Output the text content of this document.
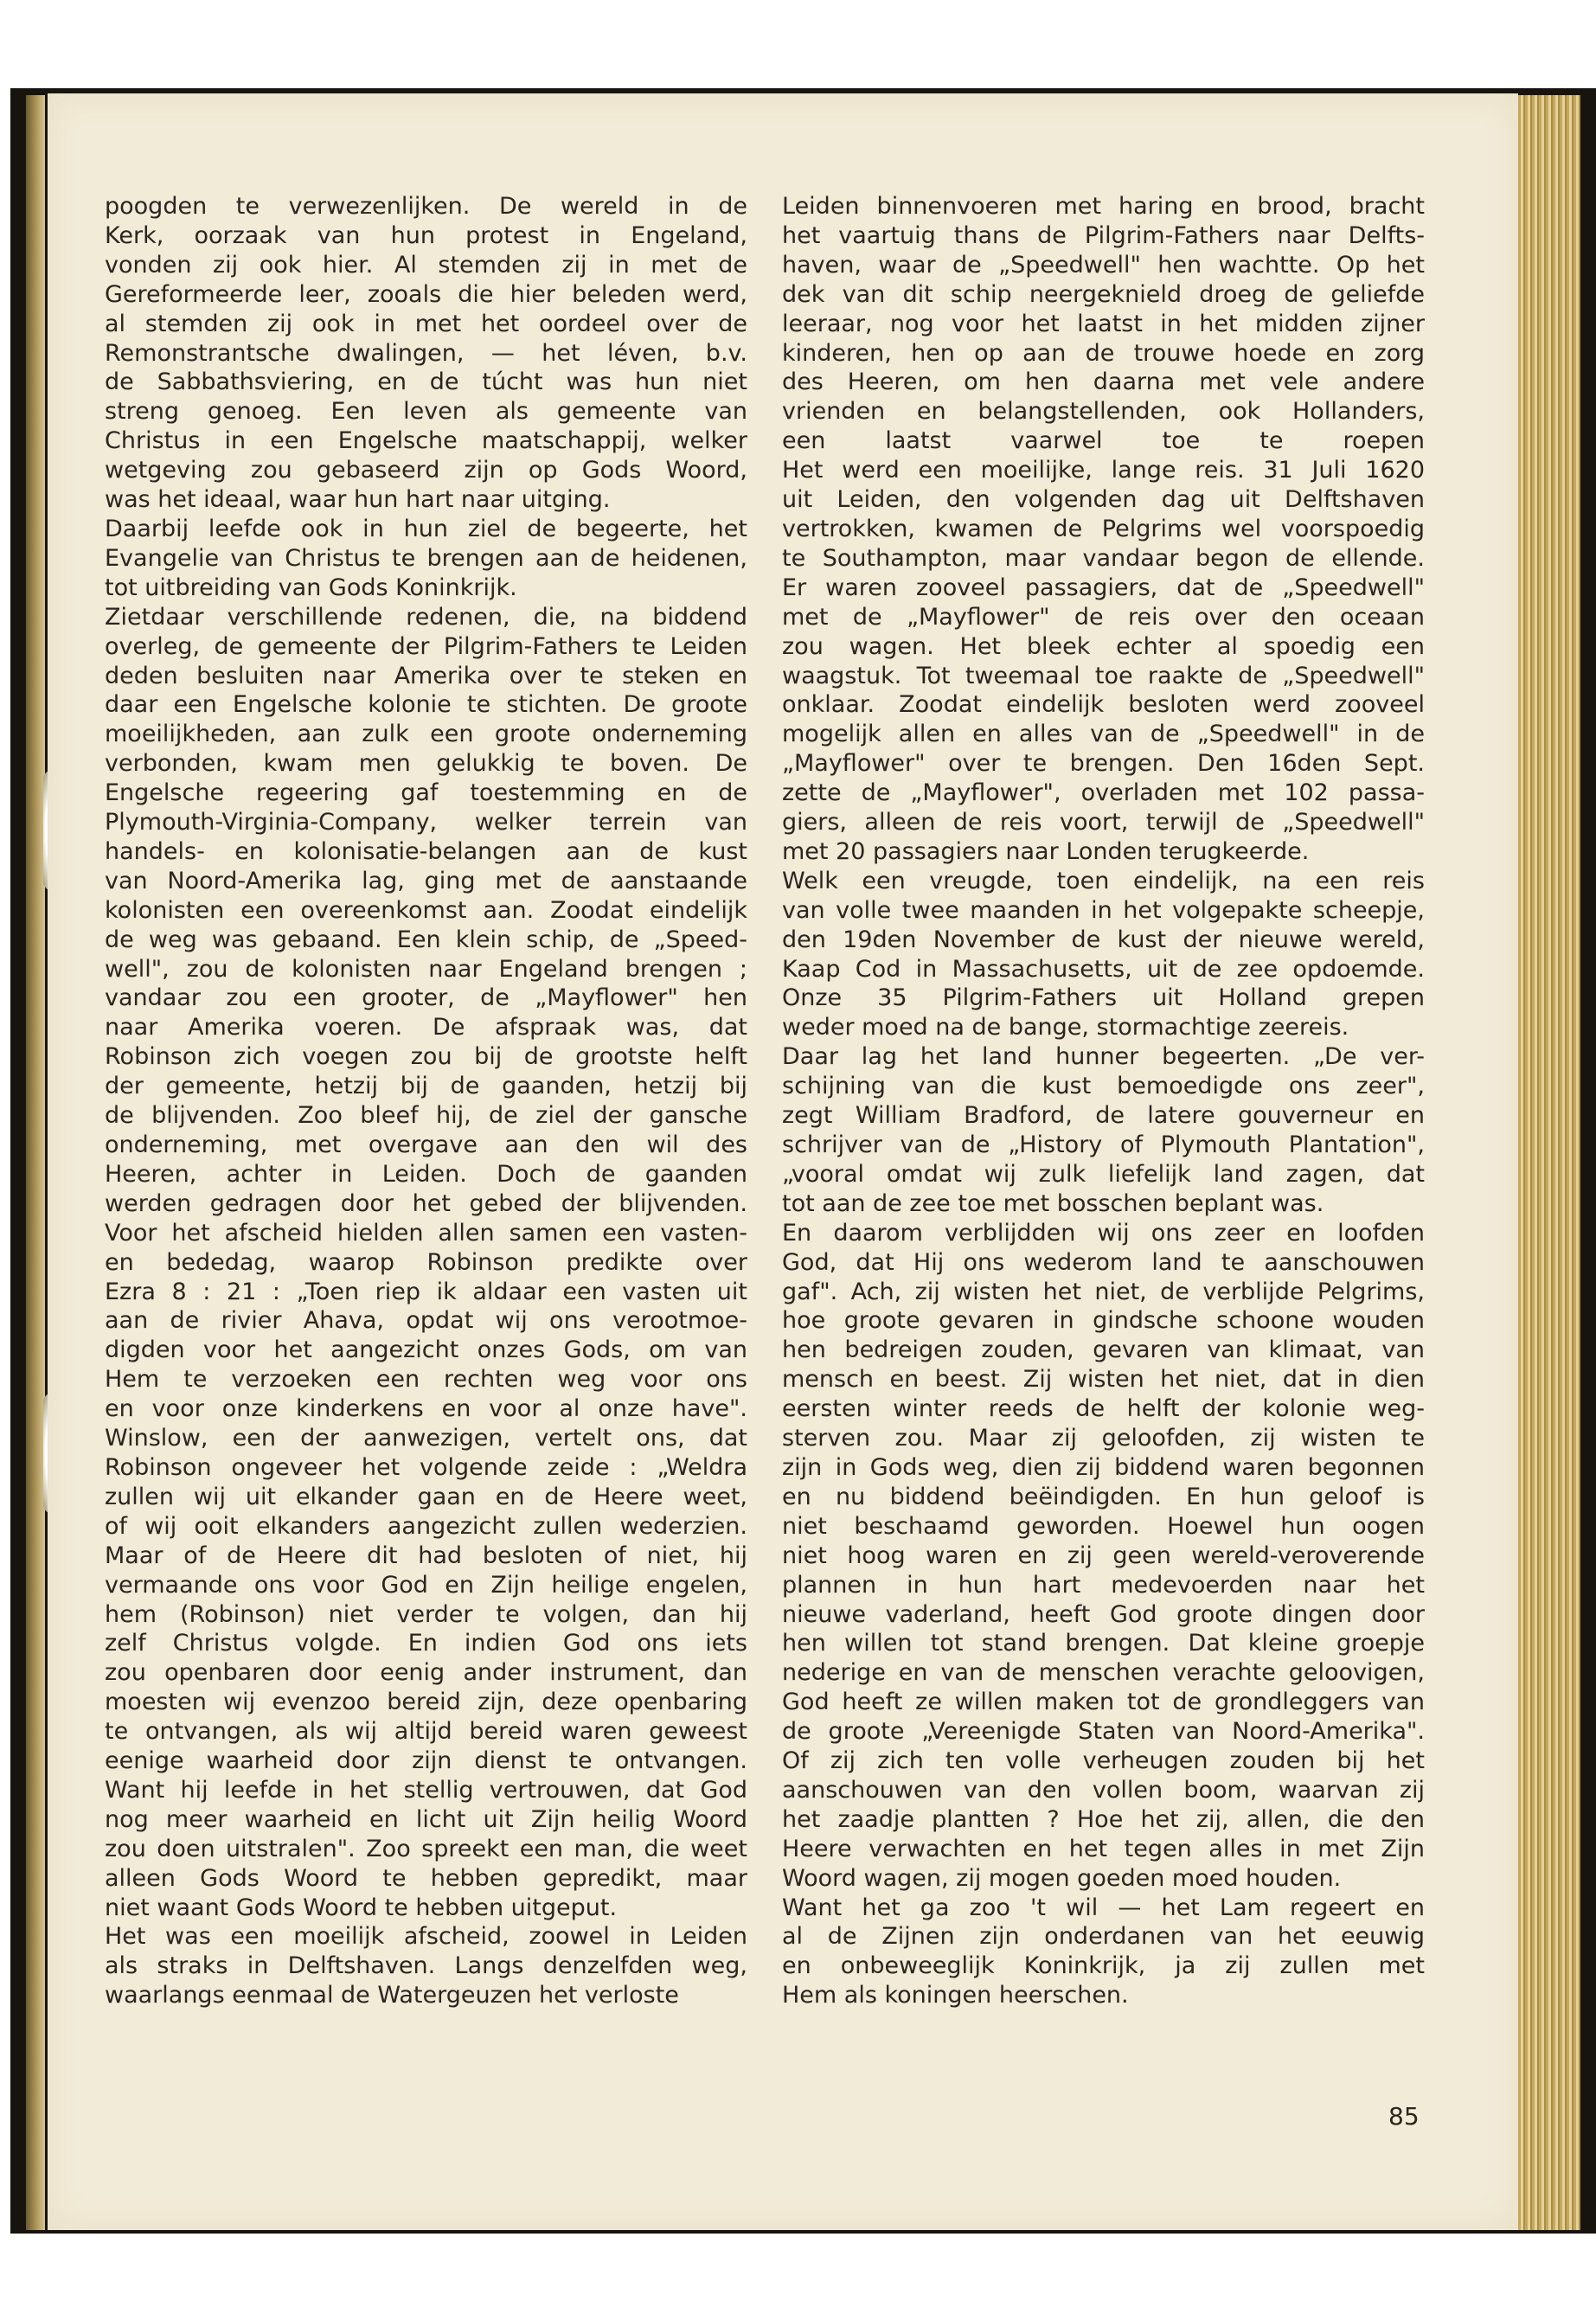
poogden te verwezenlijken. De wereld in de
Kerk, oorzaak van hun protest in Engeland,
vonden zij ook hier. Al stemden zij in met de
Gereformeerde leer, zooals die hier beleden werd,
al stemden zij ook in met het oordeel over de
Remonstrantsche dwalingen, — het léven, b.v.
de Sabbathsviering, en de túcht was hun niet
streng genoeg. Een leven als gemeente van
Christus in een Engelsche maatschappij, welker
wetgeving zou gebaseerd zijn op Gods Woord,
was het ideaal, waar hun hart naar uitging.
Daarbij leefde ook in hun ziel de begeerte, het
Evangelie van Christus te brengen aan de heidenen,
tot uitbreiding van Gods Koninkrijk.
Zietdaar verschillende redenen, die, na biddend
overleg, de gemeente der Pilgrim-Fathers te Leiden
deden besluiten naar Amerika over te steken en
daar een Engelsche kolonie te stichten. De groote
moeilijkheden, aan zulk een groote onderneming
verbonden, kwam men gelukkig te boven. De
Engelsche regeering gaf toestemming en de
Plymouth-Virginia-Company, welker terrein van
handels- en kolonisatie-belangen aan de kust
van Noord-Amerika lag, ging met de aanstaande
kolonisten een overeenkomst aan. Zoodat eindelijk
de weg was gebaand. Een klein schip, de „Speed-
well", zou de kolonisten naar Engeland brengen ;
vandaar zou een grooter, de „Mayflower" hen
naar Amerika voeren. De afspraak was, dat
Robinson zich voegen zou bij de grootste helft
der gemeente, hetzij bij de gaanden, hetzij bij
de blijvenden. Zoo bleef hij, de ziel der gansche
onderneming, met overgave aan den wil des
Heeren, achter in Leiden. Doch de gaanden
werden gedragen door het gebed der blijvenden.
Voor het afscheid hielden allen samen een vasten-
en bededag, waarop Robinson predikte over
Ezra 8 : 21 : „Toen riep ik aldaar een vasten uit
aan de rivier Ahava, opdat wij ons verootmoe-
digden voor het aangezicht onzes Gods, om van
Hem te verzoeken een rechten weg voor ons
en voor onze kinderkens en voor al onze have".
Winslow, een der aanwezigen, vertelt ons, dat
Robinson ongeveer het volgende zeide : „Weldra
zullen wij uit elkander gaan en de Heere weet,
of wij ooit elkanders aangezicht zullen wederzien.
Maar of de Heere dit had besloten of niet, hij
vermaande ons voor God en Zijn heilige engelen,
hem (Robinson) niet verder te volgen, dan hij
zelf Christus volgde. En indien God ons iets
zou openbaren door eenig ander instrument, dan
moesten wij evenzoo bereid zijn, deze openbaring
te ontvangen, als wij altijd bereid waren geweest
eenige waarheid door zijn dienst te ontvangen.
Want hij leefde in het stellig vertrouwen, dat God
nog meer waarheid en licht uit Zijn heilig Woord
zou doen uitstralen". Zoo spreekt een man, die weet
alleen Gods Woord te hebben gepredikt, maar
niet waant Gods Woord te hebben uitgeput.
Het was een moeilijk afscheid, zoowel in Leiden
als straks in Delftshaven. Langs denzelfden weg,
waarlangs eenmaal de Watergeuzen het verloste
Leiden binnenvoeren met haring en brood, bracht
het vaartuig thans de Pilgrim-Fathers naar Delfts-
haven, waar de „Speedwell" hen wachtte. Op het
dek van dit schip neergeknield droeg de geliefde
leeraar, nog voor het laatst in het midden zijner
kinderen, hen op aan de trouwe hoede en zorg
des Heeren, om hen daarna met vele andere
vrienden en belangstellenden, ook Hollanders,
een laatst vaarwel toe te roepen
Het werd een moeilijke, lange reis. 31 Juli 1620
uit Leiden, den volgenden dag uit Delftshaven
vertrokken, kwamen de Pelgrims wel voorspoedig
te Southampton, maar vandaar begon de ellende.
Er waren zooveel passagiers, dat de „Speedwell"
met de „Mayflower" de reis over den oceaan
zou wagen. Het bleek echter al spoedig een
waagstuk. Tot tweemaal toe raakte de „Speedwell"
onklaar. Zoodat eindelijk besloten werd zooveel
mogelijk allen en alles van de „Speedwell" in de
„Mayflower" over te brengen. Den 16den Sept.
zette de „Mayflower", overladen met 102 passa-
giers, alleen de reis voort, terwijl de „Speedwell"
met 20 passagiers naar Londen terugkeerde.
Welk een vreugde, toen eindelijk, na een reis
van volle twee maanden in het volgepakte scheepje,
den 19den November de kust der nieuwe wereld,
Kaap Cod in Massachusetts, uit de zee opdoemde.
Onze 35 Pilgrim-Fathers uit Holland grepen
weder moed na de bange, stormachtige zeereis.
Daar lag het land hunner begeerten. „De ver-
schijning van die kust bemoedigde ons zeer",
zegt William Bradford, de latere gouverneur en
schrijver van de „History of Plymouth Plantation",
„vooral omdat wij zulk liefelijk land zagen, dat
tot aan de zee toe met bosschen beplant was.
En daarom verblijdden wij ons zeer en loofden
God, dat Hij ons wederom land te aanschouwen
gaf". Ach, zij wisten het niet, de verblijde Pelgrims,
hoe groote gevaren in gindsche schoone wouden
hen bedreigen zouden, gevaren van klimaat, van
mensch en beest. Zij wisten het niet, dat in dien
eersten winter reeds de helft der kolonie weg-
sterven zou. Maar zij geloofden, zij wisten te
zijn in Gods weg, dien zij biddend waren begonnen
en nu biddend beëindigden. En hun geloof is
niet beschaamd geworden. Hoewel hun oogen
niet hoog waren en zij geen wereld-veroverende
plannen in hun hart medevoerden naar het
nieuwe vaderland, heeft God groote dingen door
hen willen tot stand brengen. Dat kleine groepje
nederige en van de menschen verachte geloovigen,
God heeft ze willen maken tot de grondleggers van
de groote „Vereenigde Staten van Noord-Amerika".
Of zij zich ten volle verheugen zouden bij het
aanschouwen van den vollen boom, waarvan zij
het zaadje plantten ? Hoe het zij, allen, die den
Heere verwachten en het tegen alles in met Zijn
Woord wagen, zij mogen goeden moed houden.
Want het ga zoo 't wil — het Lam regeert en
al de Zijnen zijn onderdanen van het eeuwig
en onbeweeglijk Koninkrijk, ja zij zullen met
Hem als koningen heerschen.
85
